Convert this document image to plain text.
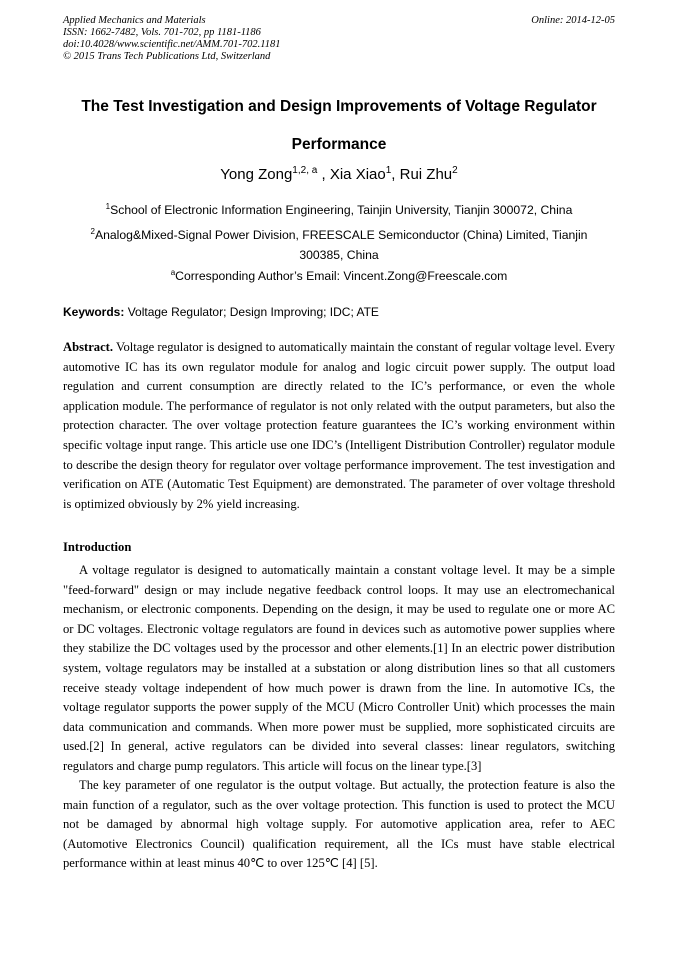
Applied Mechanics and Materials
ISSN: 1662-7482, Vols. 701-702, pp 1181-1186
doi:10.4028/www.scientific.net/AMM.701-702.1181
© 2015 Trans Tech Publications Ltd, Switzerland
Online: 2014-12-05
The Test Investigation and Design Improvements of Voltage Regulator Performance
Yong Zong$^{1,2, a}$ , Xia Xiao$^1$, Rui Zhu$^2$
$^1$School of Electronic Information Engineering, Tainjin University, Tianjin 300072, China
$^2$Analog&Mixed-Signal Power Division, FREESCALE Semiconductor (China) Limited, Tianjin 300385, China
$^a$Corresponding Author’s Email: Vincent.Zong@Freescale.com
Keywords: Voltage Regulator; Design Improving; IDC; ATE

Abstract. Voltage regulator is designed to automatically maintain the constant of regular voltage level. Every automotive IC has its own regulator module for analog and logic circuit power supply. The output load regulation and current consumption are directly related to the IC’s performance, or even the whole application module. The performance of regulator is not only related with the output parameters, but also the protection character. The over voltage protection feature guarantees the IC’s working environment within specific voltage input range. This article use one IDC’s (Intelligent Distribution Controller) regulator module to describe the design theory for regulator over voltage performance improvement. The test investigation and verification on ATE (Automatic Test Equipment) are demonstrated. The parameter of over voltage threshold is optimized obviously by 2% yield increasing.

Introduction

A voltage regulator is designed to automatically maintain a constant voltage level. It may be a simple "feed-forward" design or may include negative feedback control loops. It may use an electromechanical mechanism, or electronic components. Depending on the design, it may be used to regulate one or more AC or DC voltages. Electronic voltage regulators are found in devices such as automotive power supplies where they stabilize the DC voltages used by the processor and other elements.[1] In an electric power distribution system, voltage regulators may be installed at a substation or along distribution lines so that all customers receive steady voltage independent of how much power is drawn from the line. In automotive ICs, the voltage regulator supports the power supply of the MCU (Micro Controller Unit) which processes the main data communication and commands. When more power must be supplied, more sophisticated circuits are used.[2] In general, active regulators can be divided into several classes: linear regulators, switching regulators and charge pump regulators. This article will focus on the linear type.[3]

The key parameter of one regulator is the output voltage. But actually, the protection feature is also the main function of a regulator, such as the over voltage protection. This function is used to protect the MCU not be damaged by abnormal high voltage supply. For automotive application area, refer to AEC (Automotive Electronics Council) qualification requirement, all the ICs must have stable electrical performance within at least minus 40℃ to over 125℃ [4] [5].
